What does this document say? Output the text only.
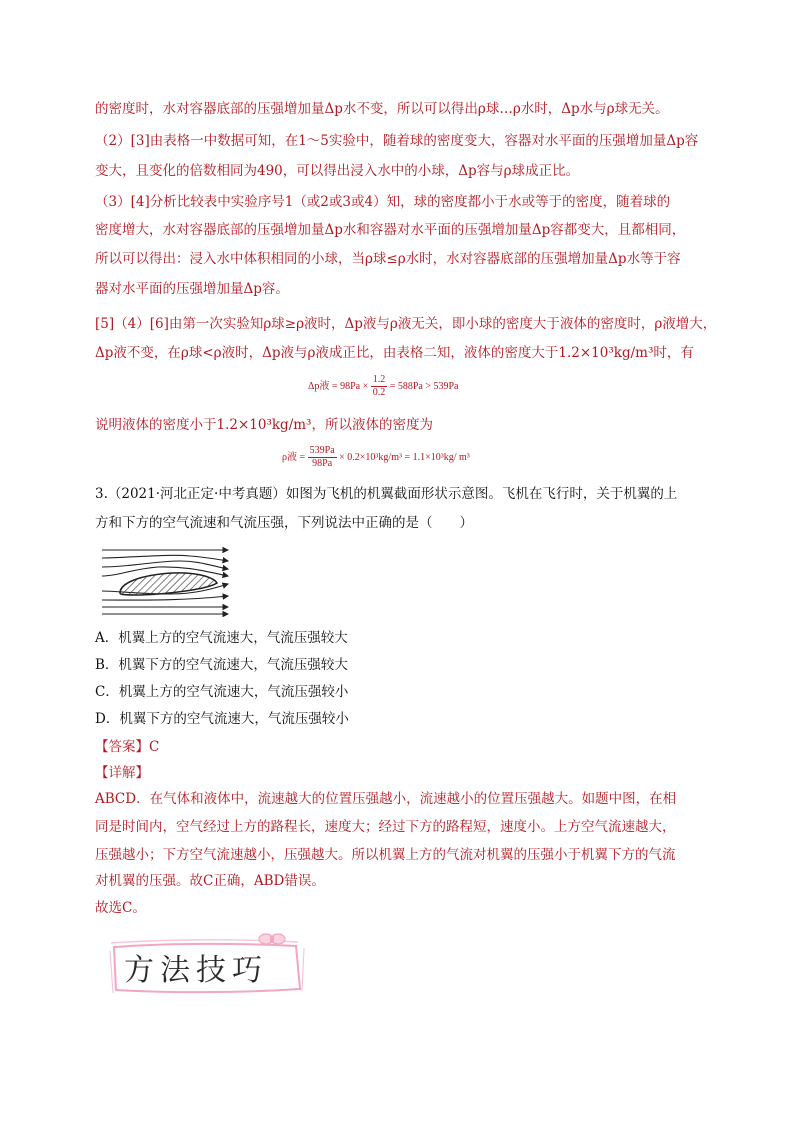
的密度时，水对容器底部的压强增加量Δp水不变，所以可以得出ρ球…ρ水时，Δp水与ρ球无关。
（2）[3]由表格一中数据可知，在1～5实验中，随着球的密度变大，容器对水平面的压强增加量Δp容
变大，且变化的倍数相同为490，可以得出浸入水中的小球，Δp容与ρ球成正比。
（3）[4]分析比较表中实验序号1（或2或3或4）知，球的密度都小于水或等于的密度，随着球的
密度增大，水对容器底部的压强增加量Δp水和容器对水平面的压强增加量Δp容都变大，且都相同，
所以可以得出：浸入水中体积相同的小球，当ρ球≤ρ水时，水对容器底部的压强增加量Δp水等于容
器对水平面的压强增加量Δp容。
[5]（4）[6]由第一次实验知ρ球≥ρ液时，Δp液与ρ液无关，即小球的密度大于液体的密度时，ρ液增大，
Δp液不变，在ρ球<ρ液时，Δp液与ρ液成正比，由表格二知，液体的密度大于1.2×10³kg/m³时，有
Δp液 = $98Pa \times \frac{1.2}{0.2} = 588Pa > 539Pa$
说明液体的密度小于1.2×10³kg/m³，所以液体的密度为
ρ液 = $\frac{539Pa}{98Pa} \times 0.2\times 10^3kg/m^3 = 1.1\times 10^3kg/$ m³
3.（2021·河北正定·中考真题）如图为飞机的机翼截面形状示意图。飞机在飞行时，关于机翼的上
方和下方的空气流速和气流压强，下列说法中正确的是（　　）
A．机翼上方的空气流速大，气流压强较大
B．机翼下方的空气流速大，气流压强较大
C．机翼上方的空气流速大，气流压强较小
D．机翼下方的空气流速大，气流压强较小
【答案】C
【详解】
ABCD．在气体和液体中，流速越大的位置压强越小，流速越小的位置压强越大。如题中图，在相
同是时间内，空气经过上方的路程长，速度大；经过下方的路程短，速度小。上方空气流速越大，
压强越小；下方空气流速越小，压强越大。所以机翼上方的气流对机翼的压强小于机翼下方的气流
对机翼的压强。故C正确，ABD错误。
故选C。
方法技巧
